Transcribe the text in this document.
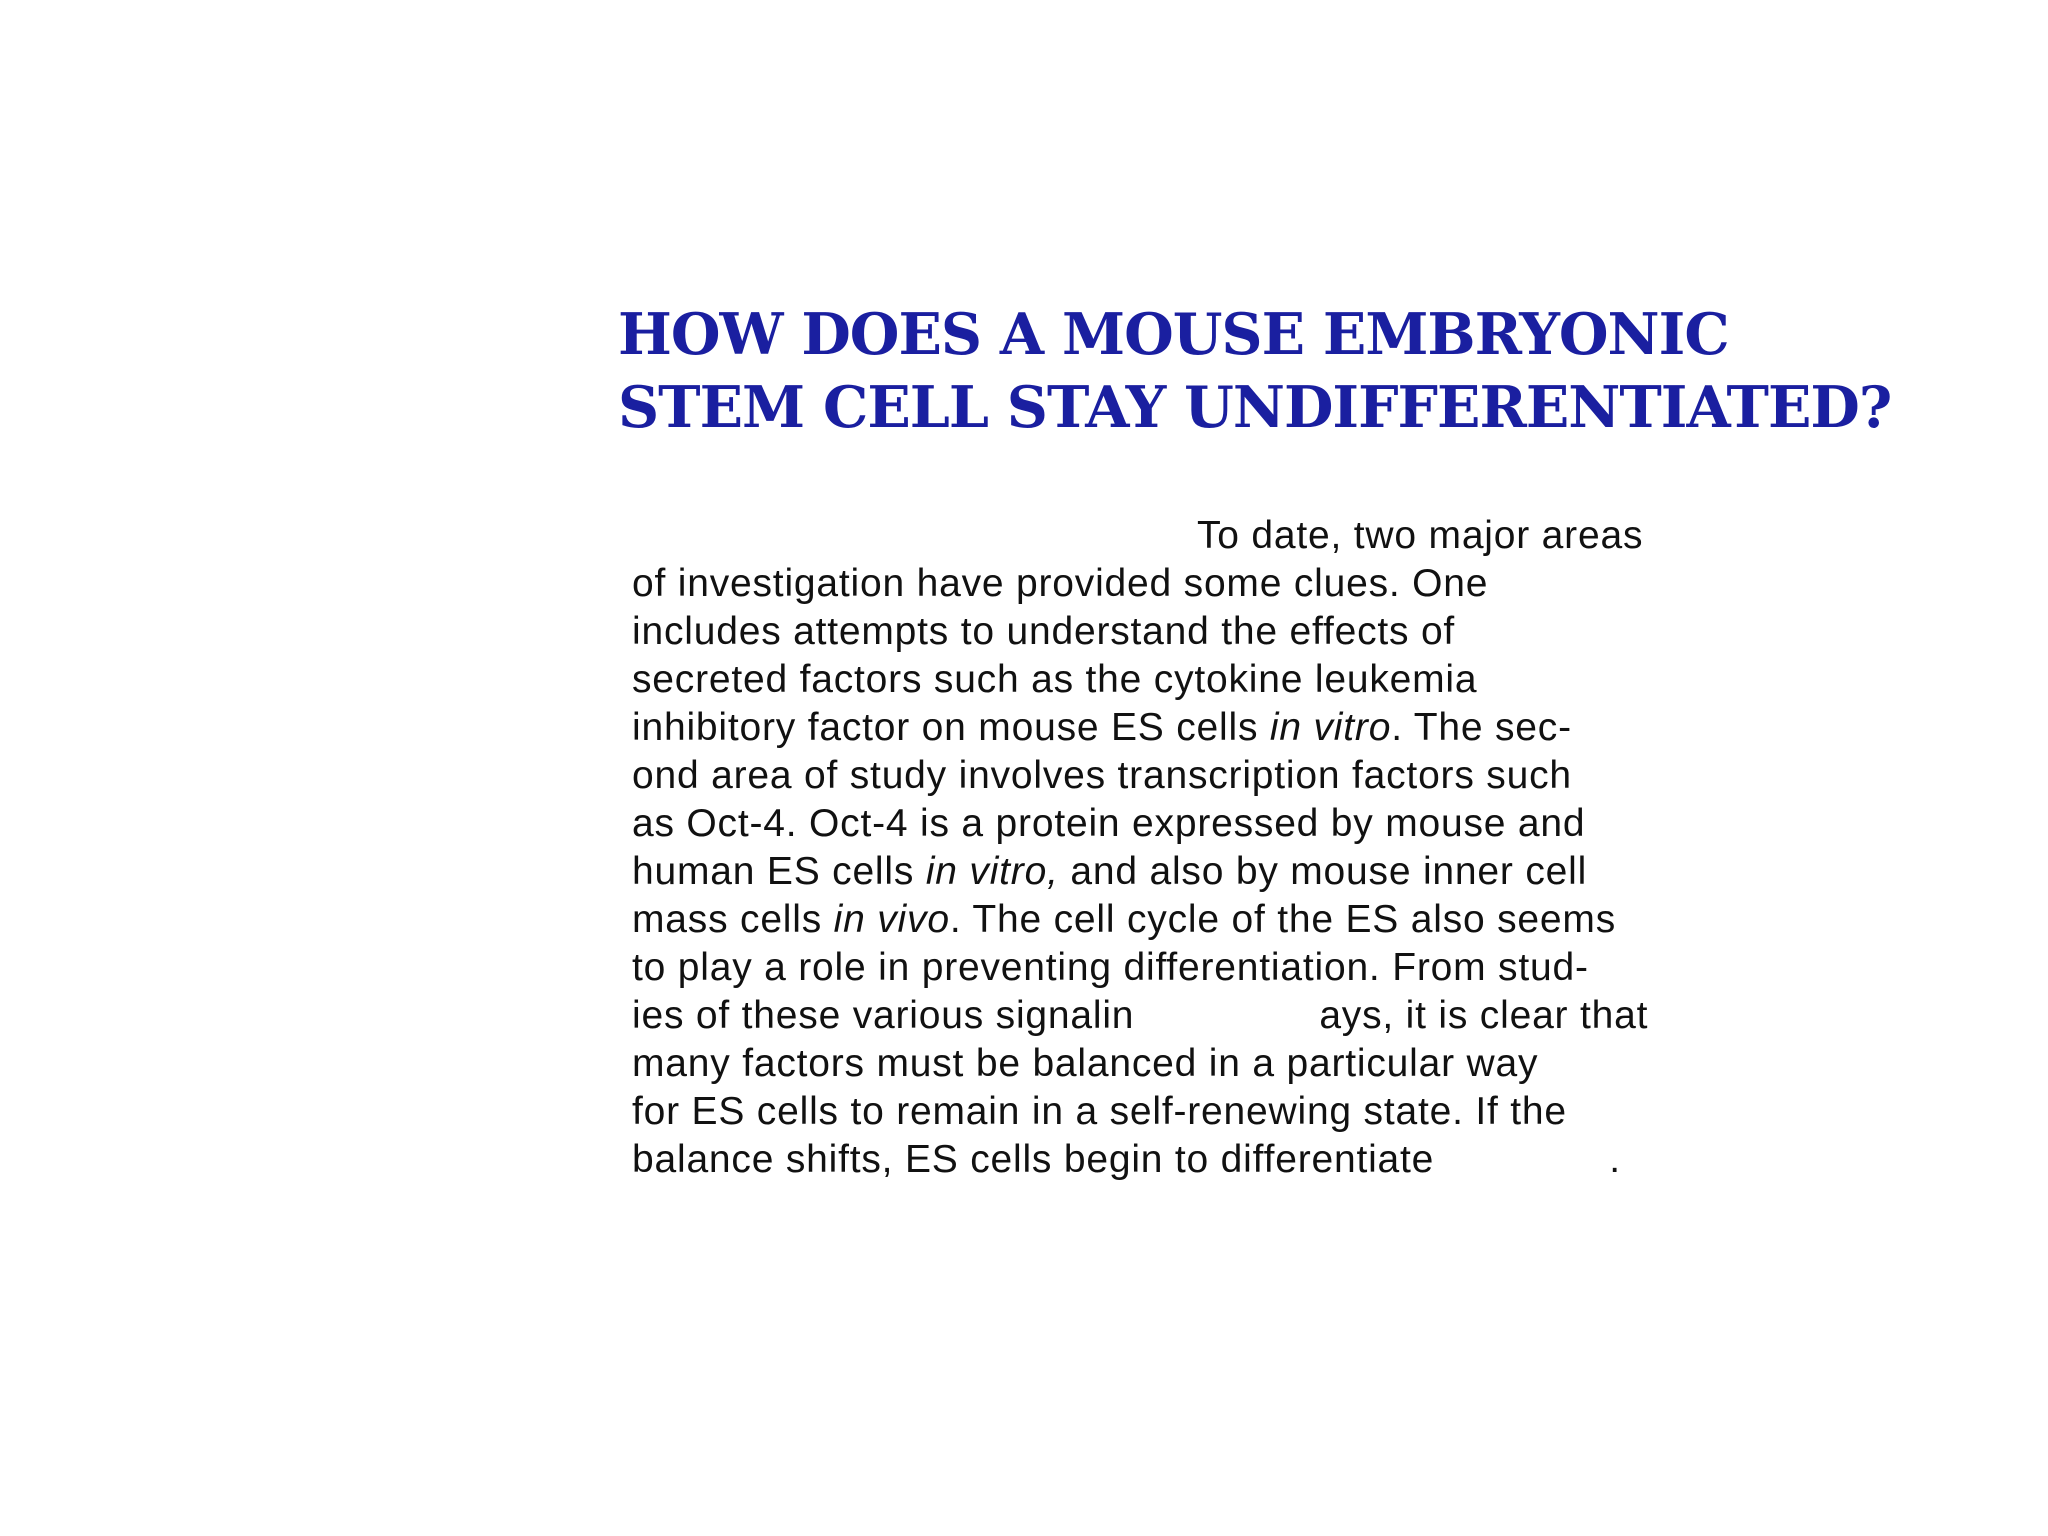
HOW DOES A MOUSE EMBRYONIC
STEM CELL STAY UNDIFFERENTIATED?
To date, two major areas
of investigation have provided some clues. One
includes attempts to understand the effects of
secreted factors such as the cytokine leukemia
inhibitory factor on mouse ES cells in vitro. The sec-
ond area of study involves transcription factors such
as Oct-4. Oct-4 is a protein expressed by mouse and
human ES cells in vitro, and also by mouse inner cell
mass cells in vivo. The cell cycle of the ES also seems
to play a role in preventing differentiation. From stud-
ies of these various signalin	ays, it is clear that
many factors must be balanced in a particular way
for ES cells to remain in a self-renewing state. If the
balance shifts, ES cells begin to differentiate	.
